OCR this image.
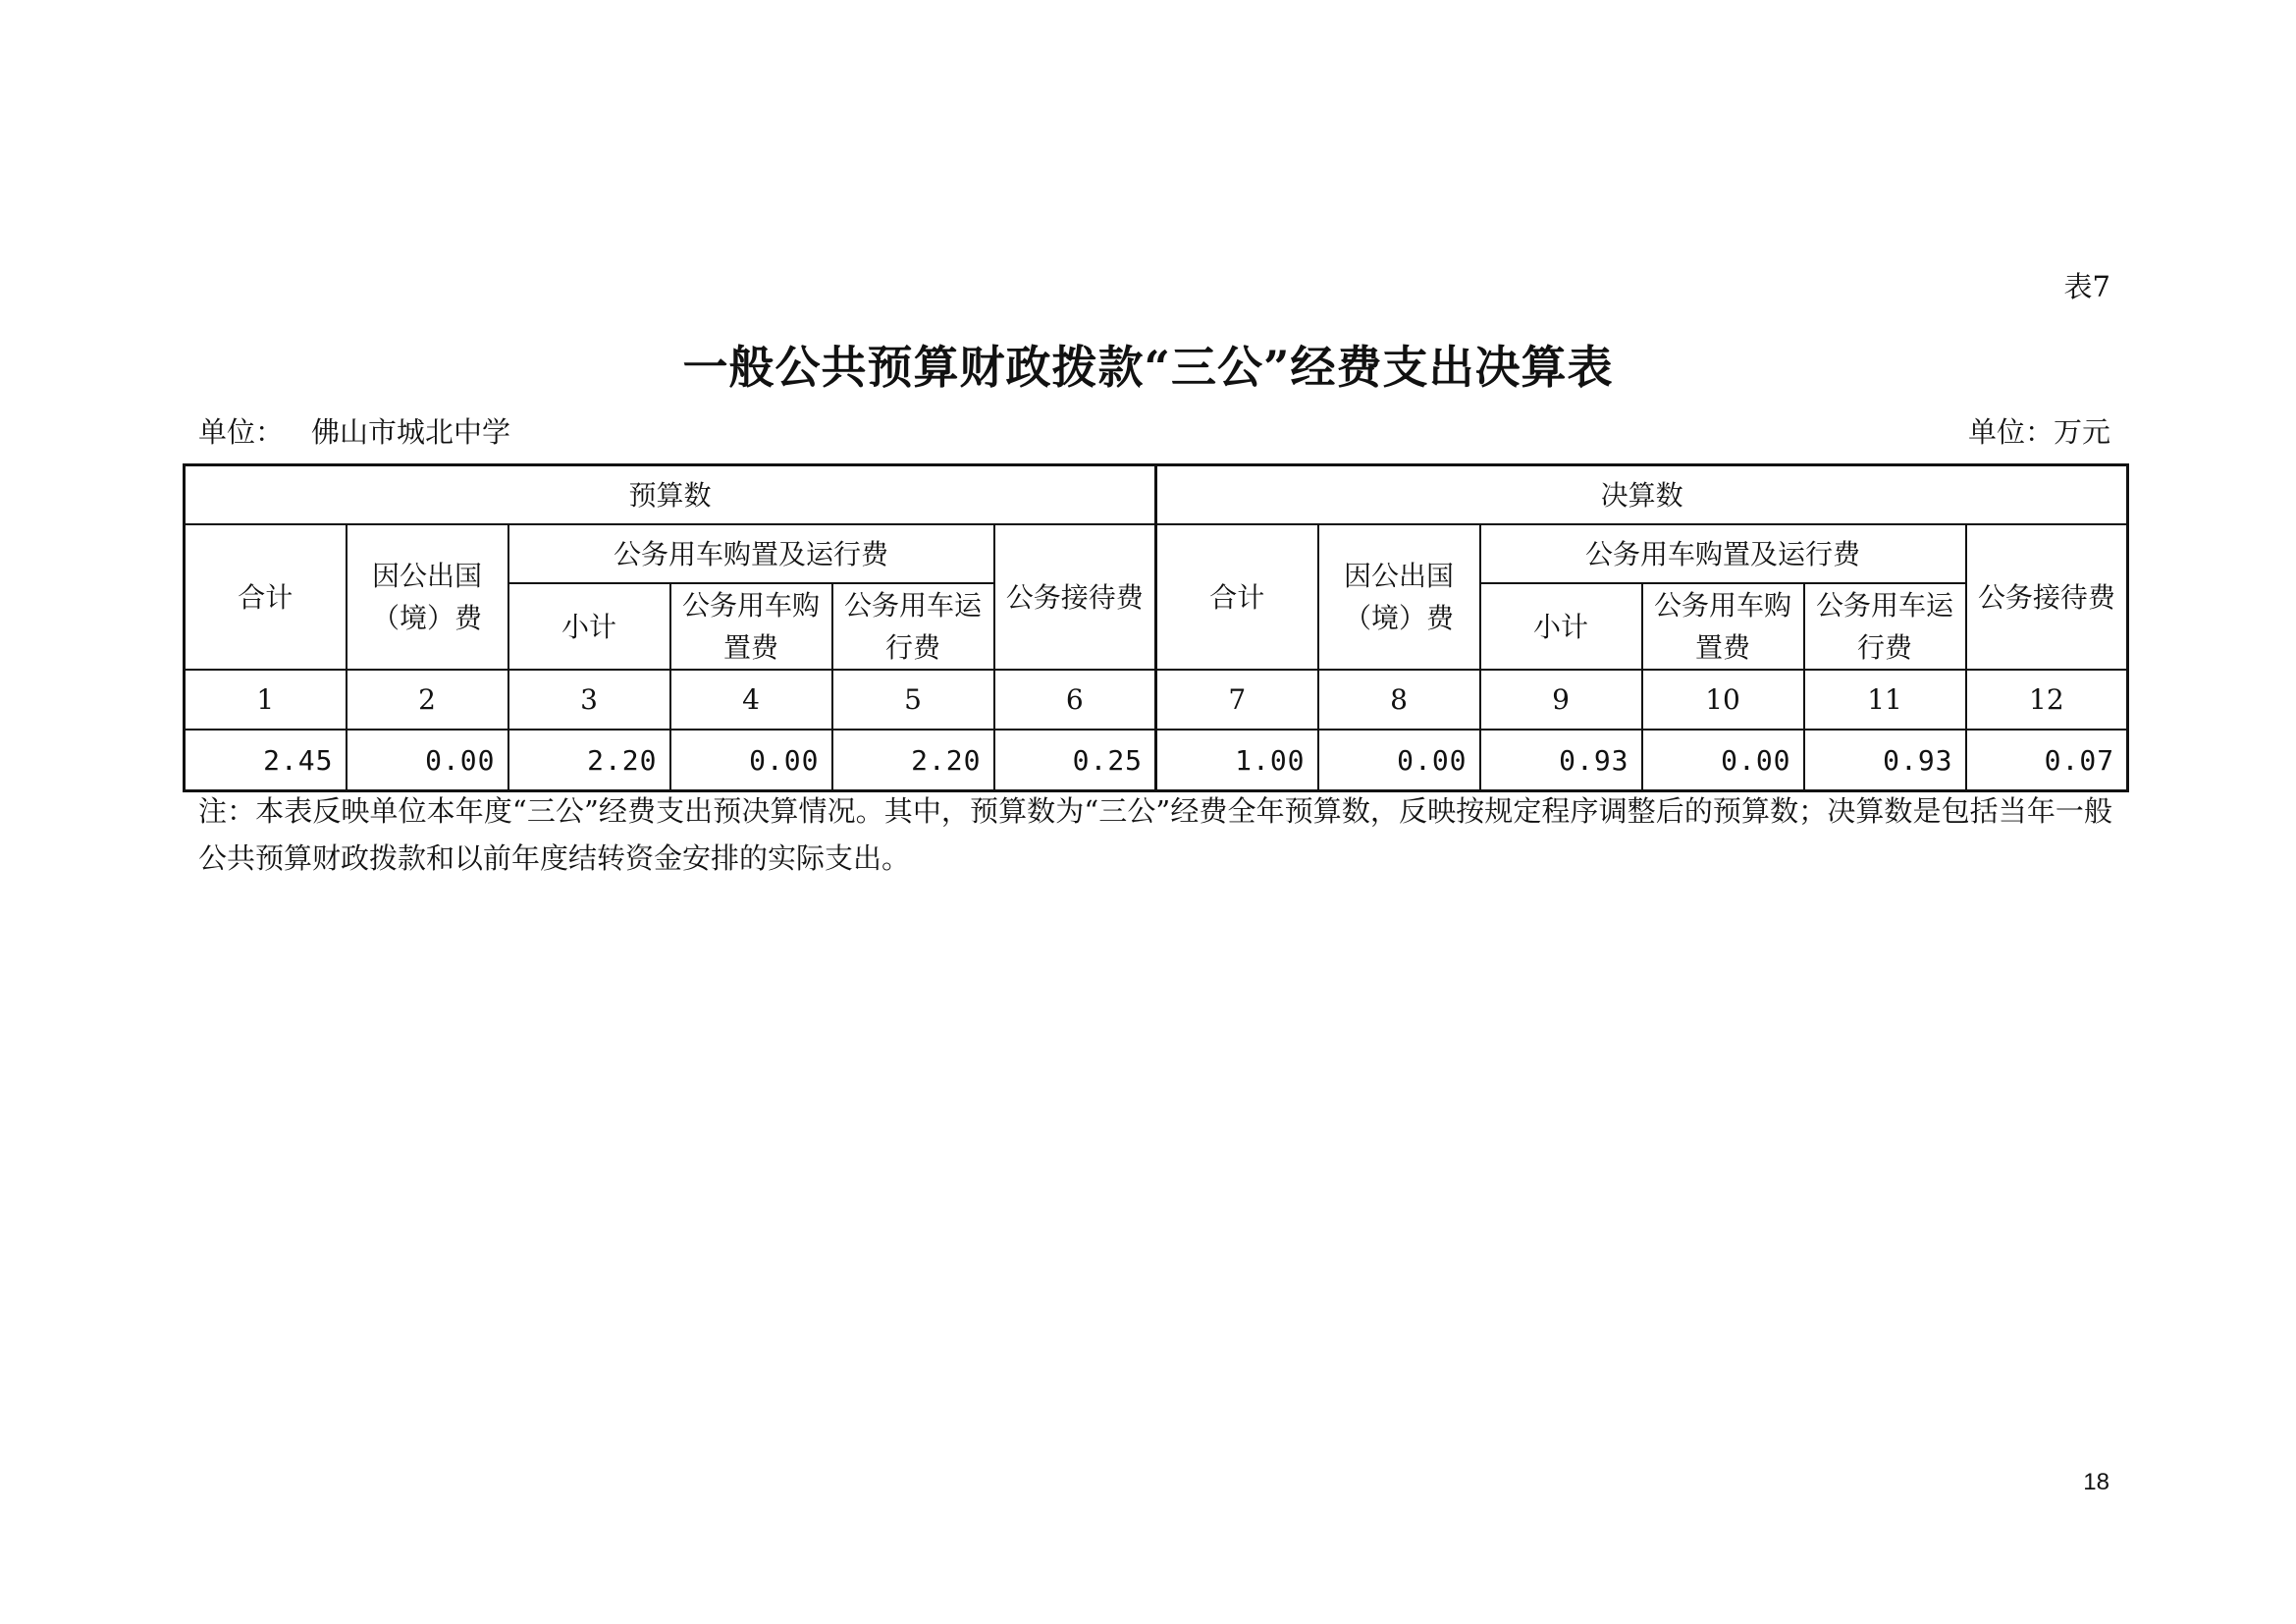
表7
一般公共预算财政拨款“三公”经费支出决算表
单位： 佛山市城北中学	单位：万元
预算数						决算数					
合计	因公出国（境）费	公务用车购置及运行费			公务接待费	合计	因公出国（境）费	公务用车购置及运行费			公务接待费
		小计	公务用车购置费	公务用车运行费				小计	公务用车购置费	公务用车运行费	
1	2	3	4	5	6	7	8	9	10	11	12
2.45	0.00	2.20	0.00	2.20	0.25	1.00	0.00	0.93	0.00	0.93	0.07
注：本表反映单位本年度“三公”经费支出预决算情况。其中，预算数为“三公”经费全年预算数，反映按规定程序调整后的预算数；决算数是包括当年一般公共预算财政拨款和以前年度结转资金安排的实际支出。
18
